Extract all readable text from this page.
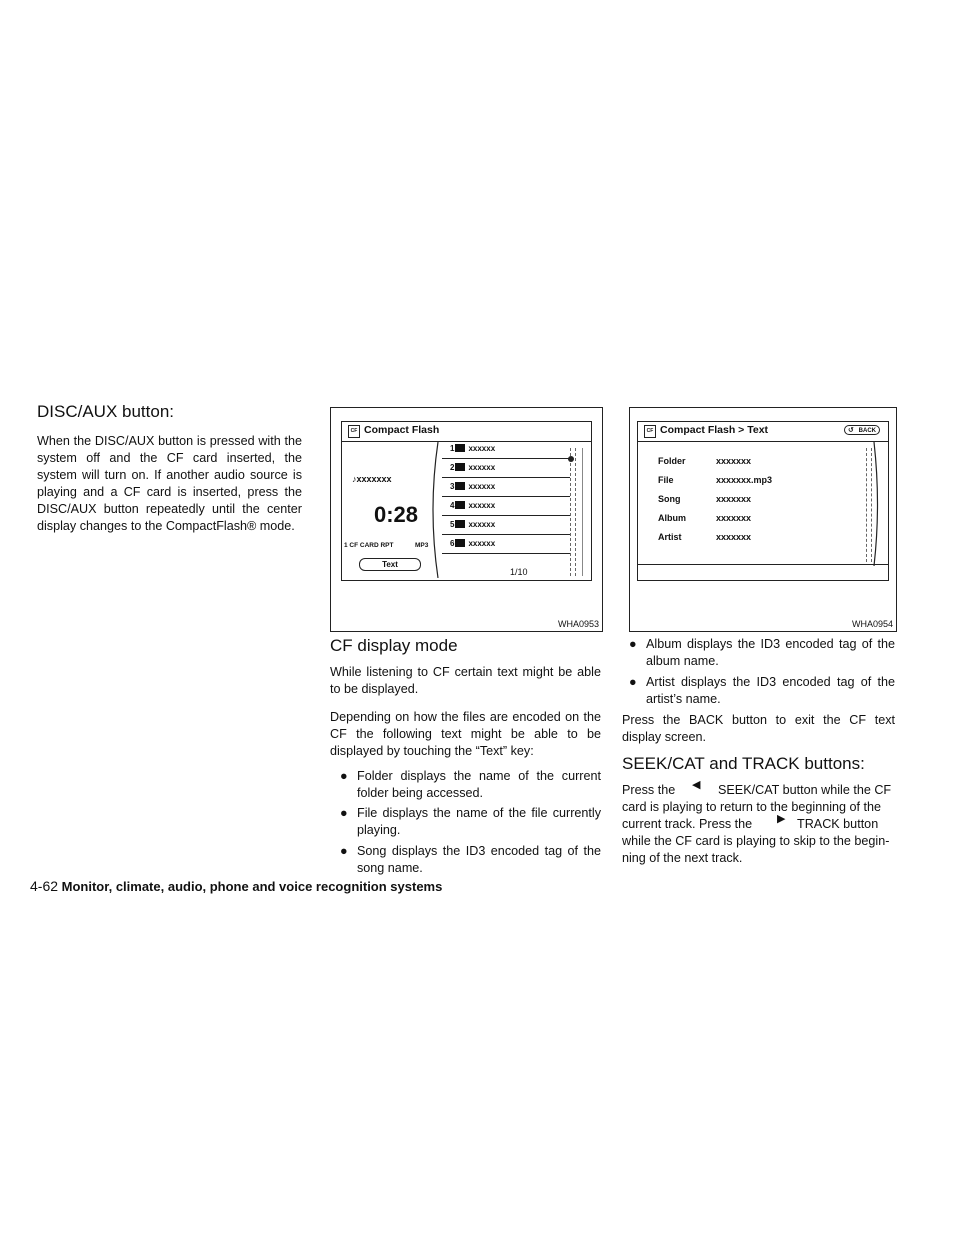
DISC/AUX button:

When the DISC/AUX button is pressed with the system off and the CF card inserted, the system will turn on. If another audio source is playing and a CF card is inserted, press the DISC/AUX button repeatedly until the center display changes to the CompactFlash® mode.

CF Compact Flash
♪xxxxxxx
0:28
1 CF CARD RPT	MP3
Text
1 xxxxxx
2 xxxxxx
3 xxxxxx
4 xxxxxx
5 xxxxxx
6 xxxxxx
1/10
WHA0953
CF Compact Flash > Text	↺ BACK
Folder
File
Song
Album
Artist
xxxxxxx
xxxxxxx.mp3
xxxxxxx
xxxxxxx
xxxxxxx
WHA0954
CF display mode

While listening to CF certain text might be able to be displayed.

Depending on how the files are encoded on the CF the following text might be able to be displayed by touching the “Text” key:

● Folder displays the name of the current folder being accessed.
● File displays the name of the file currently playing.
● Song displays the ID3 encoded tag of the song name.
● Album displays the ID3 encoded tag of the album name.
● Artist displays the ID3 encoded tag of the artist’s name.

Press the BACK button to exit the CF text display screen.

SEEK/CAT and TRACK buttons:
Press the ◀ SEEK/CAT button while the CF
card is playing to return to the beginning of the
current track. Press the ▶ TRACK button
while the CF card is playing to skip to the begin-
ning of the next track.
4-62 Monitor, climate, audio, phone and voice recognition systems
